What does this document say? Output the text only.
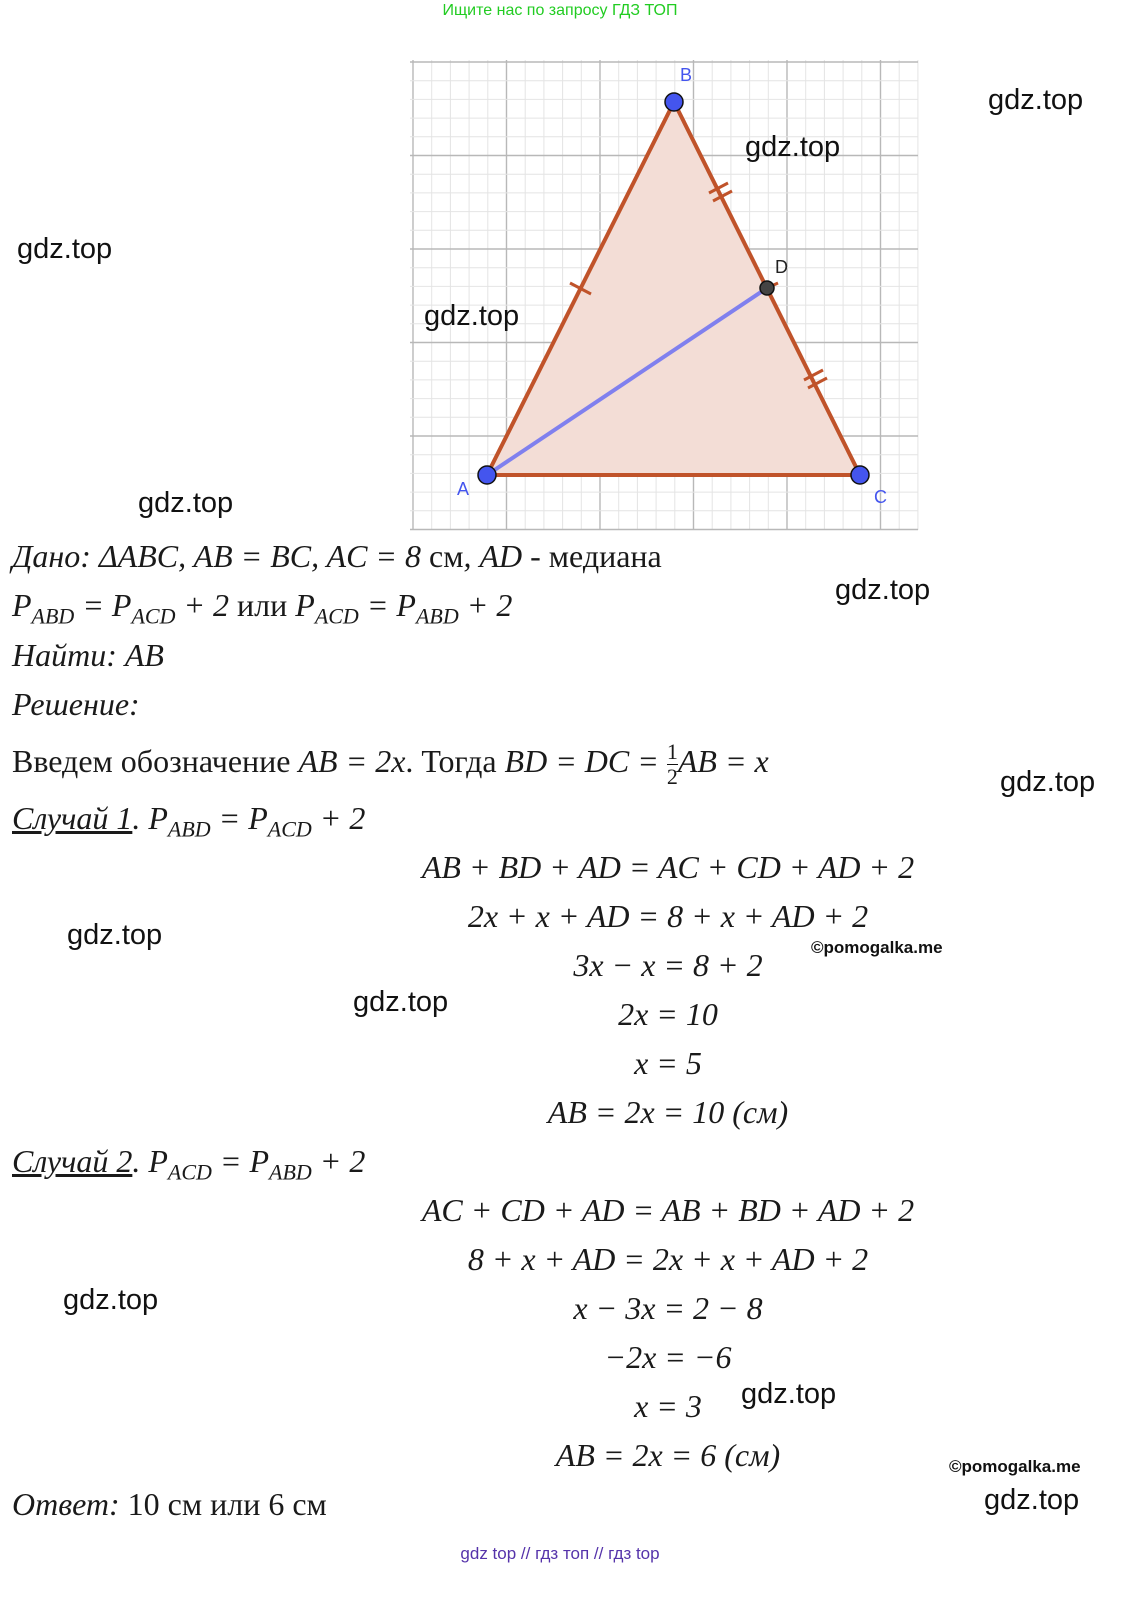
Ищите нас по запросу ГДЗ ТОП
A
B
C
D
gdz.top
gdz.top
gdz.top
gdz.top
gdz.top
gdz.top
gdz.top
gdz.top
gdz.top
gdz.top
gdz.top
gdz.top
©pomogalka.me
©pomogalka.me
Дано: ΔABC, AB = BC, AC = 8 см, AD - медиана
$P_{ABD} = P_{ACD} + 2$ или $P_{ACD} = P_{ABD} + 2$
Найти: AB
Решение:
Введем обозначение AB = 2x. Тогда BD = DC = $\frac{1}{2}$ AB = x
Случай 1. $P_{ABD} = P_{ACD} + 2$
AB + BD + AD = AC + CD + AD + 2
2x + x + AD = 8 + x + AD + 2
3x − x = 8 + 2
2x = 10
x = 5
AB = 2x = 10 (см)
Случай 2. $P_{ACD} = P_{ABD} + 2$
AC + CD + AD = AB + BD + AD + 2
8 + x + AD = 2x + x + AD + 2
x − 3x = 2 − 8
−2x = −6
x = 3
AB = 2x = 6 (см)
Ответ: 10 см или 6 см
gdz top // гдз топ // гдз top
